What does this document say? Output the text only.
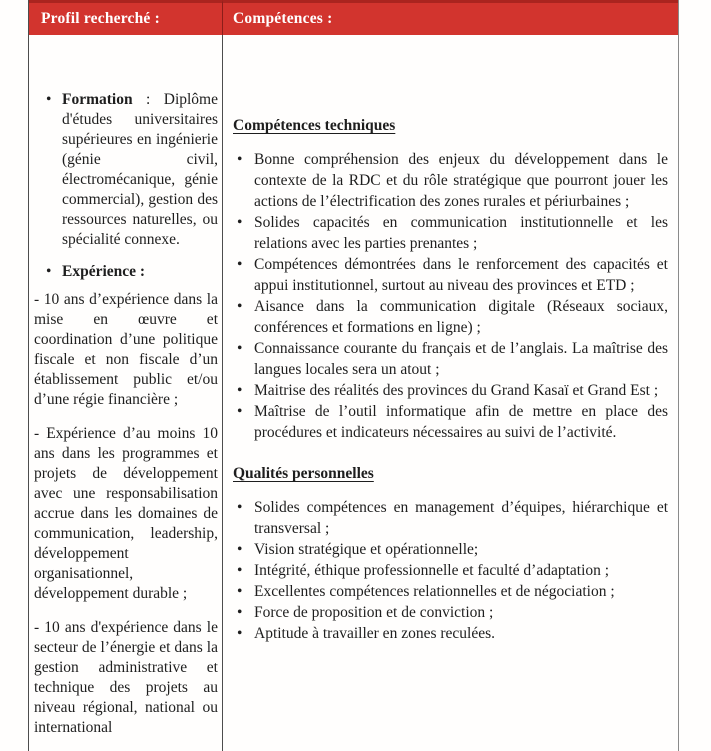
Profil recherché :	Compétences :
• Formation : Diplôme d'études universitaires supérieures en ingénierie (génie civil, électromécanique, génie commercial), gestion des ressources naturelles, ou spécialité connexe.
• Expérience :

- 10 ans d’expérience dans la mise en œuvre et coordination d’une politique fiscale et non fiscale d’un établissement public et/ou d’une régie financière ;

- Expérience d’au moins 10 ans dans les programmes et projets de développement avec une responsabilisation accrue dans les domaines de communication, leadership, développement organisationnel, développement durable ;

- 10 ans d'expérience dans le secteur de l’énergie et dans la gestion administrative et technique des projets au niveau régional, national ou international

Compétences techniques
• Bonne compréhension des enjeux du développement dans le contexte de la RDC et du rôle stratégique que pourront jouer les actions de l’électrification des zones rurales et périurbaines ;
• Solides capacités en communication institutionnelle et les relations avec les parties prenantes ;
• Compétences démontrées dans le renforcement des capacités et appui institutionnel, surtout au niveau des provinces et ETD ;
• Aisance dans la communication digitale (Réseaux sociaux, conférences et formations en ligne) ;
• Connaissance courante du français et de l’anglais. La maîtrise des langues locales sera un atout ;
• Maitrise des réalités des provinces du Grand Kasaï et Grand Est ;
• Maîtrise de l’outil informatique afin de mettre en place des procédures et indicateurs nécessaires au suivi de l’activité.
Qualités personnelles
• Solides compétences en management d’équipes, hiérarchique et transversal ;
• Vision stratégique et opérationnelle;
• Intégrité, éthique professionnelle et faculté d’adaptation ;
• Excellentes compétences relationnelles et de négociation ;
• Force de proposition et de conviction ;
• Aptitude à travailler en zones reculées.
